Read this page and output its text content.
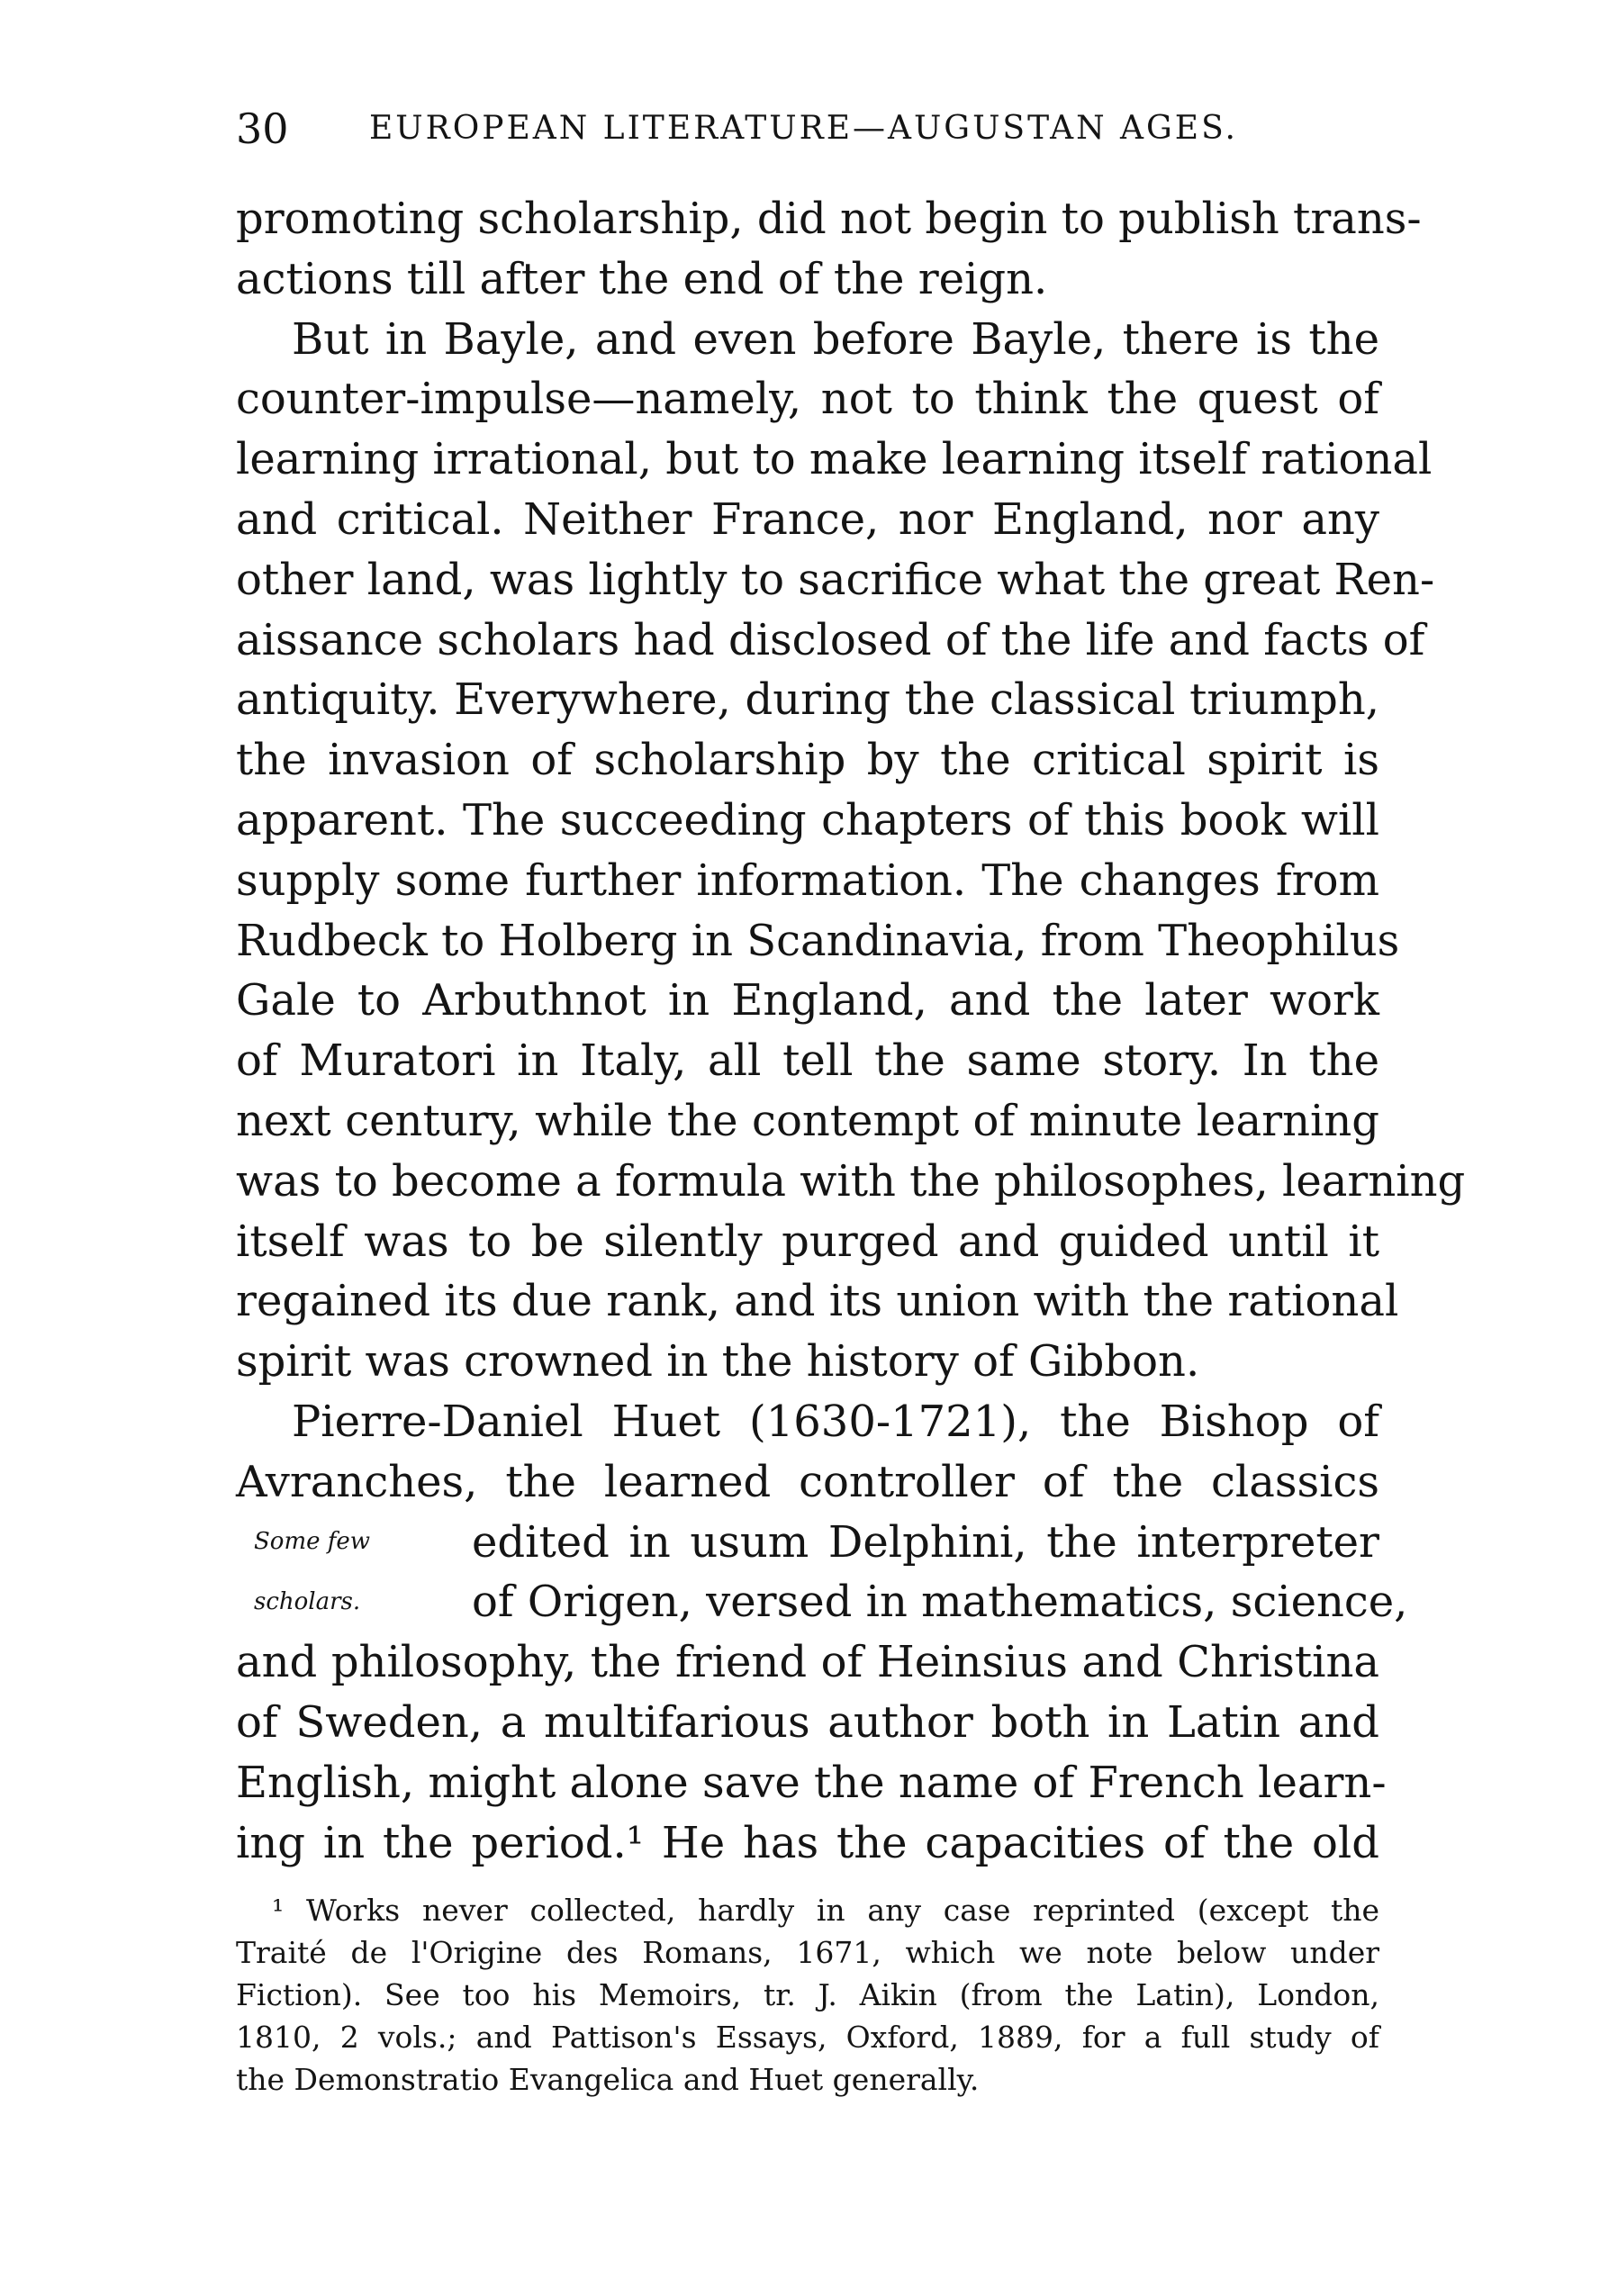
30 EUROPEAN LITERATURE—AUGUSTAN AGES.
promoting scholarship, did not begin to publish trans-
actions till after the end of the reign.
But in Bayle, and even before Bayle, there is the
counter-impulse—namely, not to think the quest of
learning irrational, but to make learning itself rational
and critical. Neither France, nor England, nor any
other land, was lightly to sacrifice what the great Ren-
aissance scholars had disclosed of the life and facts of
antiquity. Everywhere, during the classical triumph,
the invasion of scholarship by the critical spirit is
apparent. The succeeding chapters of this book will
supply some further information. The changes from
Rudbeck to Holberg in Scandinavia, from Theophilus
Gale to Arbuthnot in England, and the later work
of Muratori in Italy, all tell the same story. In the
next century, while the contempt of minute learning
was to become a formula with the philosophes, learning
itself was to be silently purged and guided until it
regained its due rank, and its union with the rational
spirit was crowned in the history of Gibbon.
Pierre-Daniel Huet (1630-1721), the Bishop of
Avranches, the learned controller of the classics
edited in usum Delphini, the interpreter
of Origen, versed in mathematics, science,
and philosophy, the friend of Heinsius and Christina
of Sweden, a multifarious author both in Latin and
English, might alone save the name of French learn-
ing in the period.¹ He has the capacities of the old
Some few
scholars.
¹ Works never collected, hardly in any case reprinted (except the
Traité de l'Origine des Romans, 1671, which we note below under
Fiction). See too his Memoirs, tr. J. Aikin (from the Latin), London,
1810, 2 vols.; and Pattison's Essays, Oxford, 1889, for a full study of
the Demonstratio Evangelica and Huet generally.
